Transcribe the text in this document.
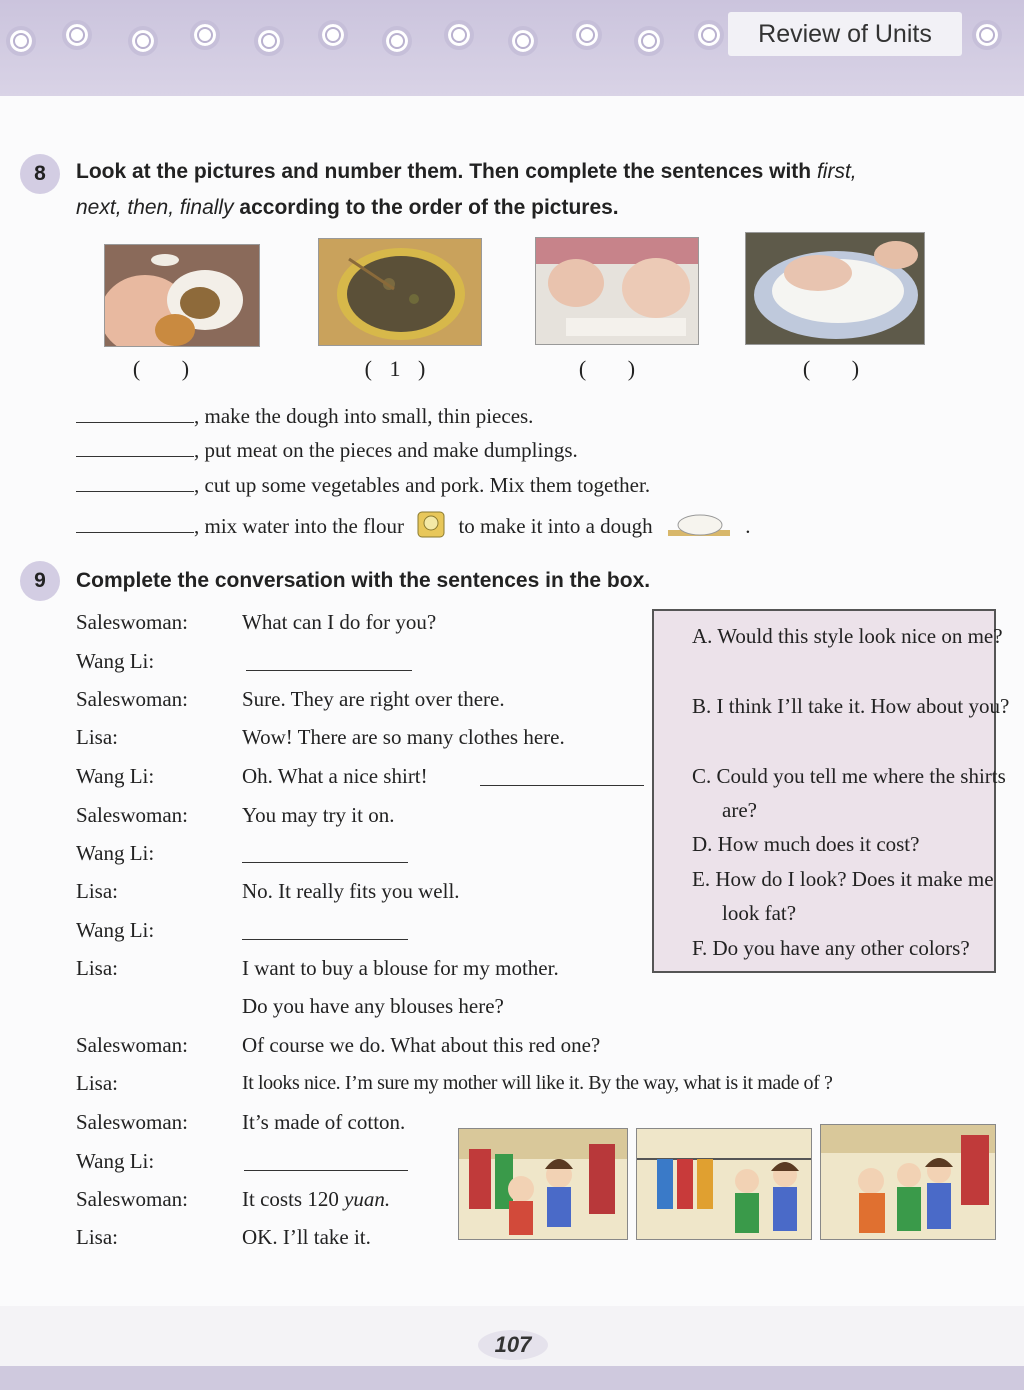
Review of Units
8	Look at the pictures and number them. Then complete the sentences with first,
next, then, finally according to the order of the pictures.
( )	( 1 )	( )	( )
, make the dough into small, thin pieces.
, put meat on the pieces and make dumplings.
, cut up some vegetables and pork. Mix them together.
, mix water into the flour	to make it into a dough	.
9	Complete the conversation with the sentences in the box.
Saleswoman:	What can I do for you?
Wang Li:
Saleswoman:	Sure. They are right over there.
Lisa:	Wow! There are so many clothes here.
Wang Li:	Oh. What a nice shirt!
Saleswoman:	You may try it on.
Wang Li:
Lisa:	No. It really fits you well.
Wang Li:
Lisa:	I want to buy a blouse for my mother.
Do you have any blouses here?
Saleswoman:	Of course we do. What about this red one?
Lisa:	It looks nice. I’m sure my mother will like it. By the way, what is it made of ?
Saleswoman:	It’s made of cotton.
Wang Li:
Saleswoman:	It costs 120 yuan.
Lisa:	OK. I’ll take it.
A. Would this style look nice on me?
B. I think I’ll take it. How about you?
C. Could you tell me where the shirts are?
D. How much does it cost?
E. How do I look? Does it make me look fat?
F. Do you have any other colors?
107
